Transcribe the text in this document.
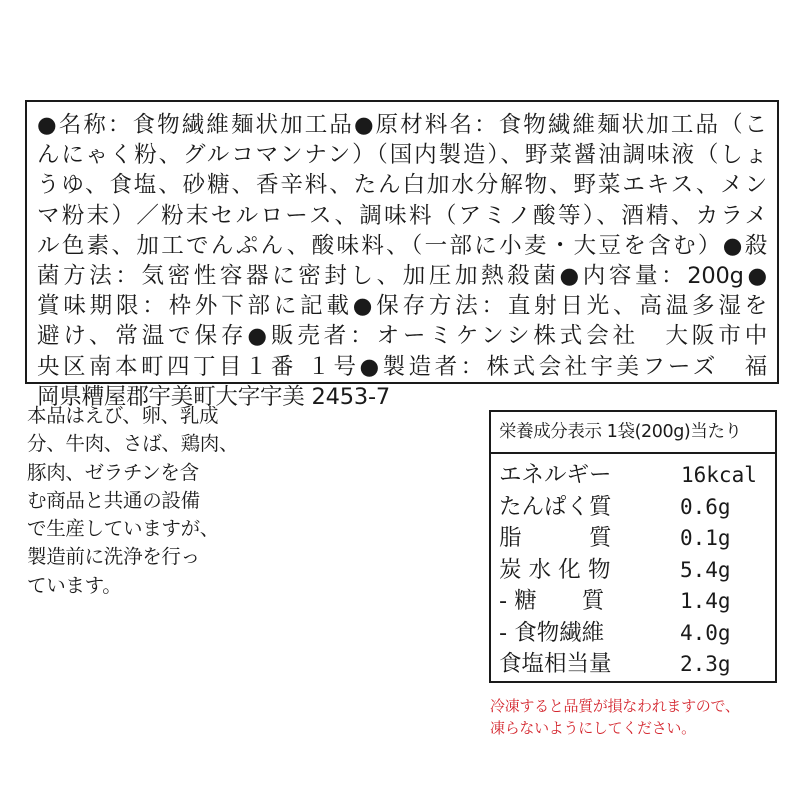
●名称：食物繊維麺状加工品●原材料名：食物繊維麺状加工品（こ
んにゃく粉、グルコマンナン）（国内製造）、野菜醤油調味液（しょ
うゆ、食塩、砂糖、香辛料、たん白加水分解物、野菜エキス、メン
マ粉末）／粉末セルロース、調味料（アミノ酸等）、酒精、カラメ
ル色素、加工でんぷん、酸味料、（一部に小麦・大豆を含む）●殺
菌方法：気密性容器に密封し、加圧加熱殺菌●内容量：200g●
賞味期限：枠外下部に記載●保存方法：直射日光、高温多湿を
避け、常温で保存●販売者：オーミケンシ株式会社　大阪市中
央区南本町四丁目１番 １号●製造者：株式会社宇美フーズ　福
岡県糟屋郡宇美町大字宇美 2453-7
本品はえび、卵、乳成
分、牛肉、さば、鶏肉、
豚肉、ゼラチンを含
む商品と共通の設備
で生産していますが、
製造前に洗浄を行っ
ています。
栄養成分表示 1袋(200g)当たり
エネルギー	16kcal
たんぱく質	0.6g
脂　　　質	0.1g
炭 水 化 物	5.4g
- 糖　　質	1.4g
- 食物繊維	4.0g
食塩相当量	2.3g
冷凍すると品質が損なわれますので、
凍らないようにしてください。
